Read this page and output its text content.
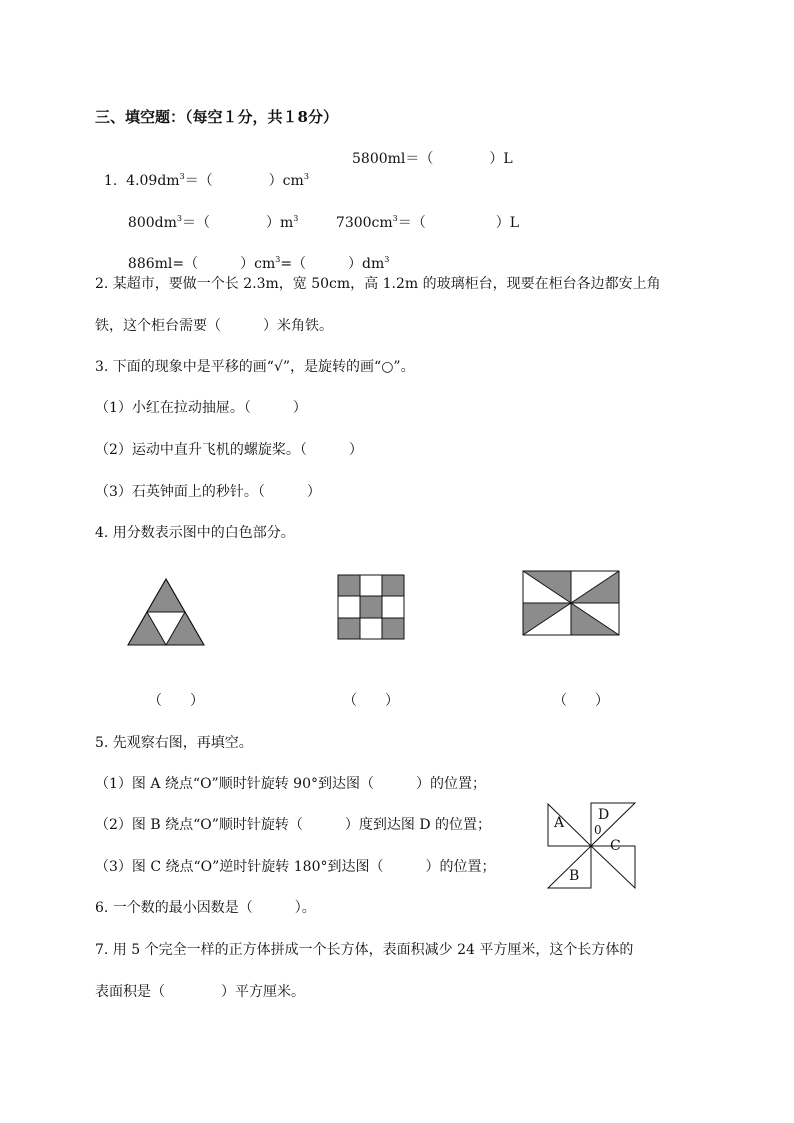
三、填空题：（每空１分，共１8分）

1. $4.09dm^3=$（　　　　）$cm^3$

5800ml＝（　　　　）L

$800dm^3=$（　　　　）$m^3$	$7300cm^3=$（　　　　　）L

886ml=（　　　）$cm^3=$（　　　）$dm^3$

2. 某超市，要做一个长 2.3m，宽 50cm，高 1.2m 的玻璃柜台，现要在柜台各边都安上角
铁，这个柜台需要（　　　）米角铁。
3. 下面的现象中是平移的画“√”，是旋转的画“○”。
（1）小红在拉动抽屉。（　　　）
（2）运动中直升飞机的螺旋桨。（　　　）
（3）石英钟面上的秒针。（　　　）
4. 用分数表示图中的白色部分。
（　　）	（　　）	（　　）
5. 先观察右图，再填空。
（1）图 A 绕点“O”顺时针旋转 90°到达图（　　　）的位置；
（2）图 B 绕点“O”顺时针旋转（　　　）度到达图 D 的位置；
（3）图 C 绕点“O”逆时针旋转 180°到达图（　　　）的位置；
A D
0
C
B
6. 一个数的最小因数是（　　　）。
7. 用 5 个完全一样的正方体拼成一个长方体，表面积减少 24 平方厘米，这个长方体的
表面积是（　　　　）平方厘米。
